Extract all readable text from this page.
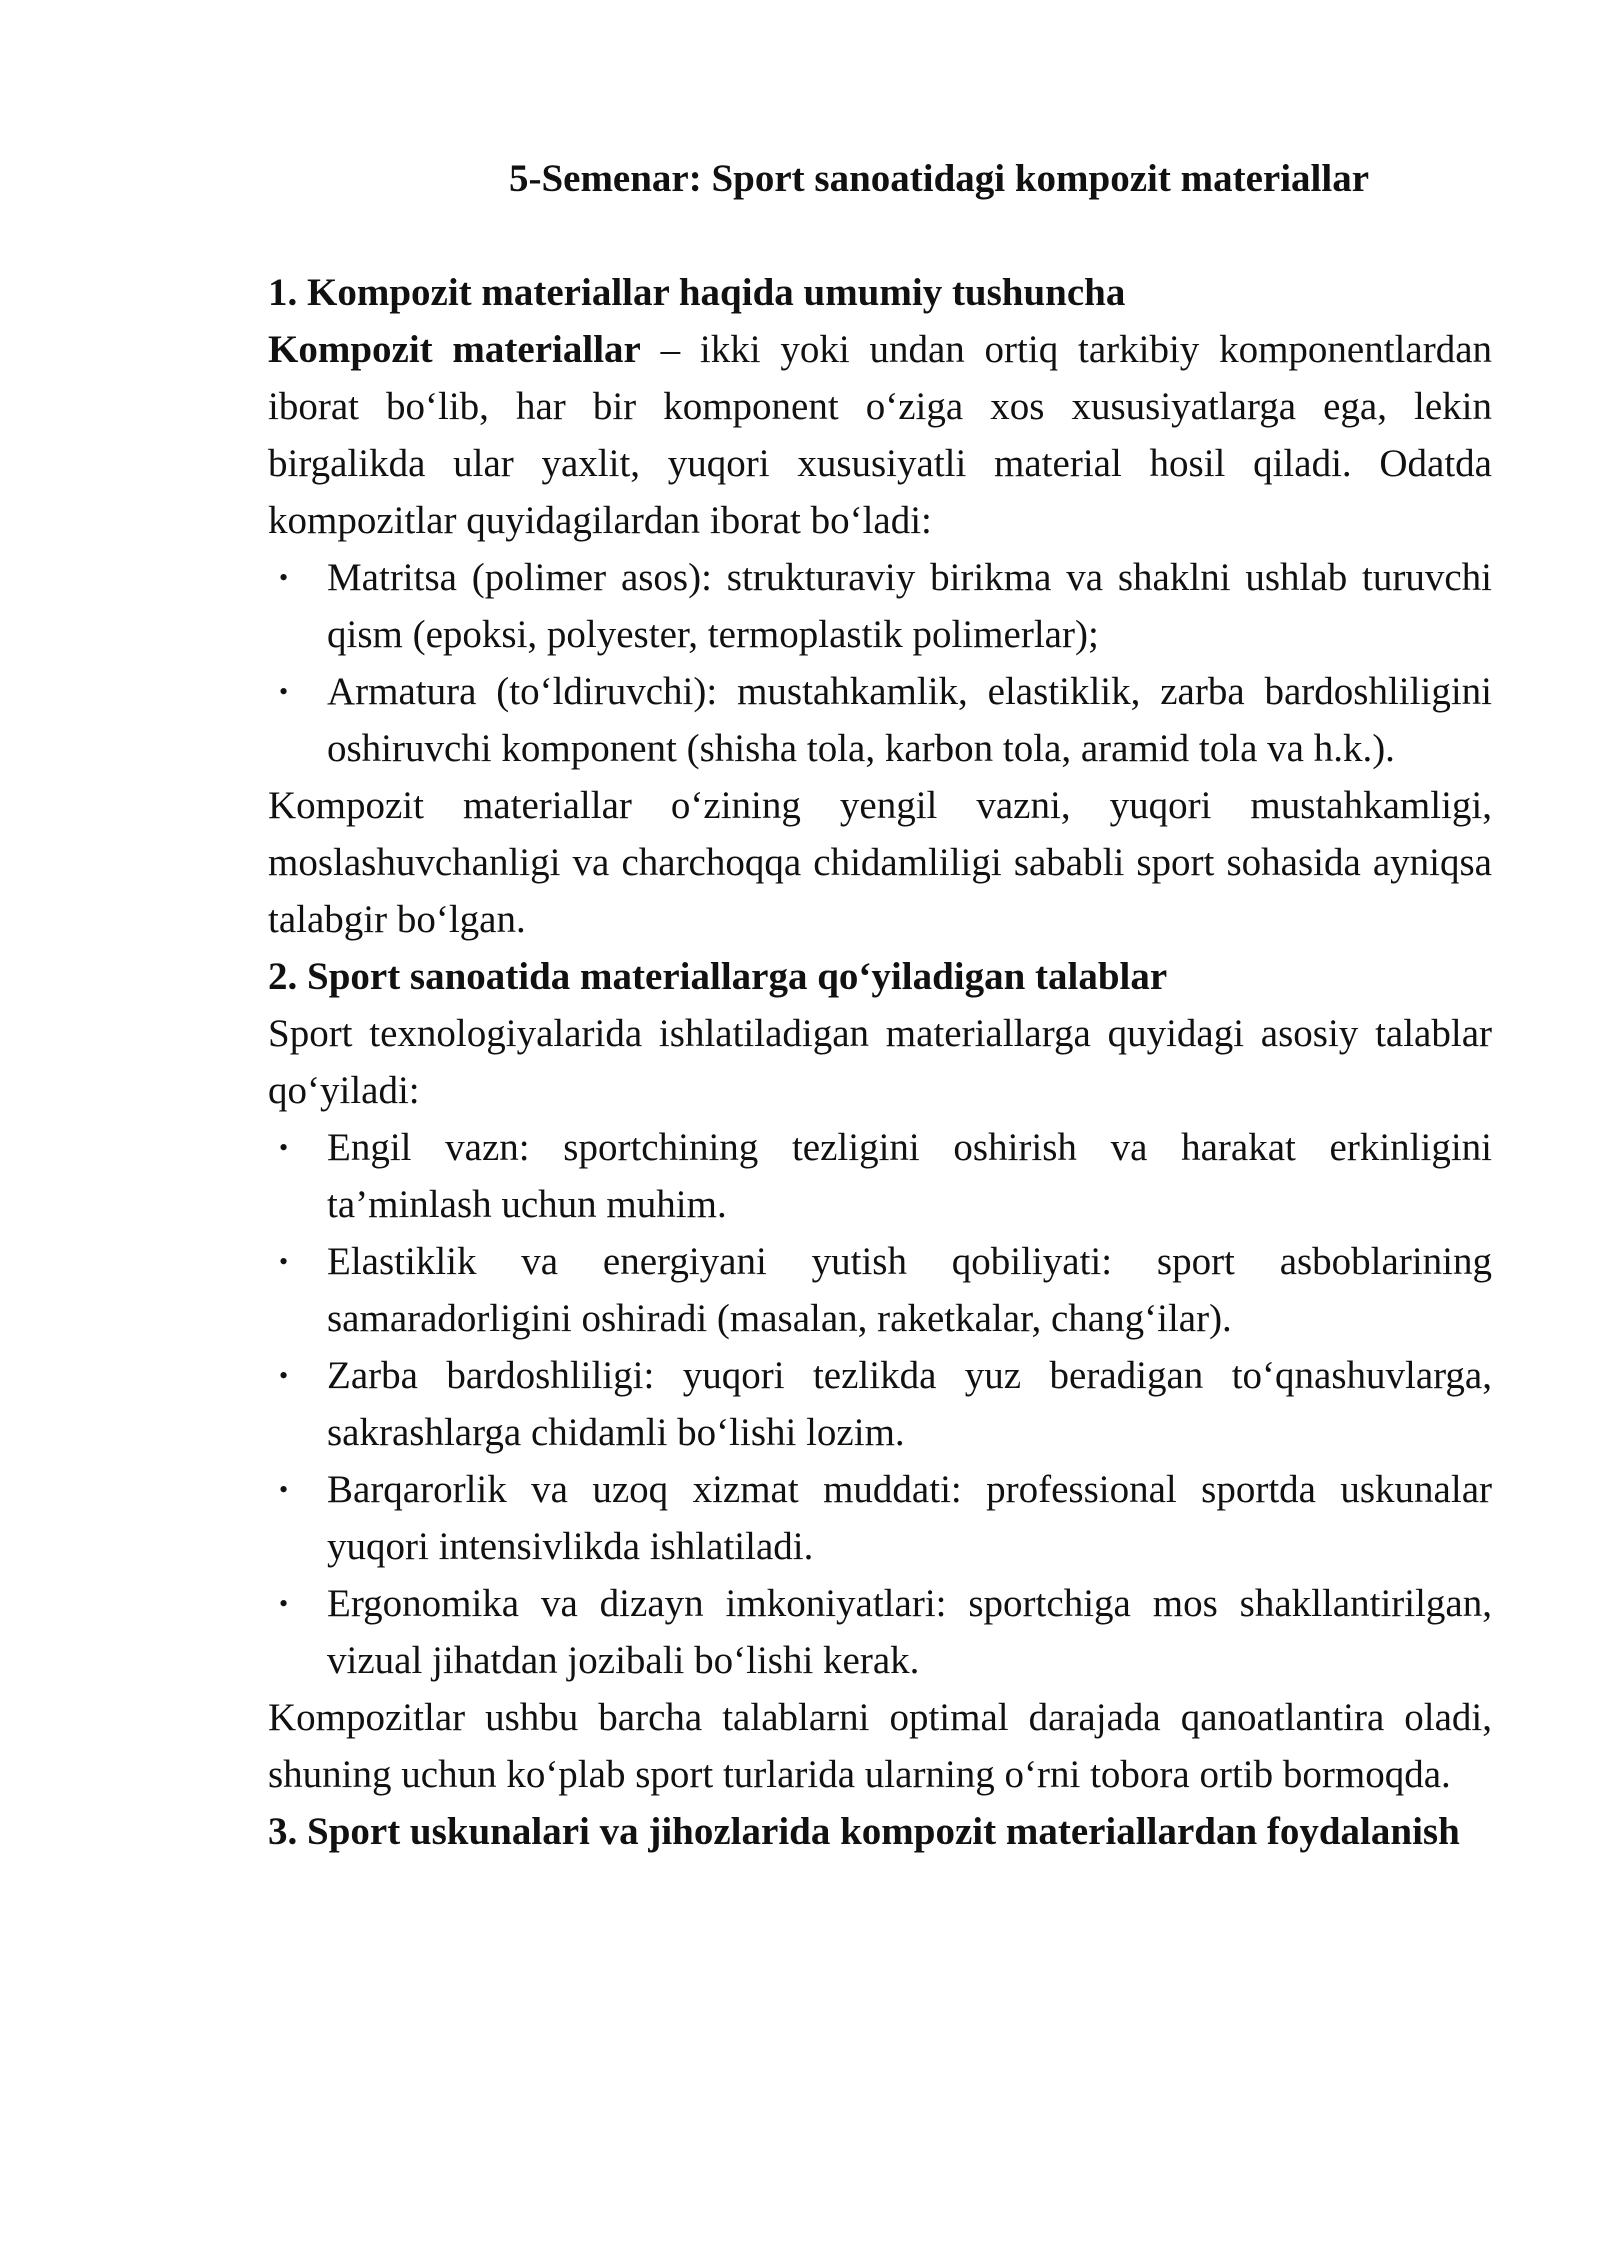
5-Semenar: Sport sanoatidagi kompozit materiallar

1. Kompozit materiallar haqida umumiy tushuncha

Kompozit materiallar – ikki yoki undan ortiq tarkibiy komponentlardan iborat bo‘lib, har bir komponent o‘ziga xos xususiyatlarga ega, lekin birgalikda ular yaxlit, yuqori xususiyatli material hosil qiladi. Odatda kompozitlar quyidagilardan iborat bo‘ladi:

• Matritsa (polimer asos): strukturaviy birikma va shaklni ushlab turuvchi qism (epoksi, polyester, termoplastik polimerlar);
• Armatura (to‘ldiruvchi): mustahkamlik, elastiklik, zarba bardoshliligini oshiruvchi komponent (shisha tola, karbon tola, aramid tola va h.k.).

Kompozit materiallar o‘zining yengil vazni, yuqori mustahkamligi, moslashuvchanligi va charchoqqa chidamliligi sababli sport sohasida ayniqsa talabgir bo‘lgan.

2. Sport sanoatida materiallarga qo‘yiladigan talablar

Sport texnologiyalarida ishlatiladigan materiallarga quyidagi asosiy talablar qo‘yiladi:

• Engil vazn: sportchining tezligini oshirish va harakat erkinligini ta’minlash uchun muhim.
• Elastiklik va energiyani yutish qobiliyati: sport asboblarining samaradorligini oshiradi (masalan, raketkalar, chang‘ilar).
• Zarba bardoshliligi: yuqori tezlikda yuz beradigan to‘qnashuvlarga, sakrashlarga chidamli bo‘lishi lozim.
• Barqarorlik va uzoq xizmat muddati: professional sportda uskunalar yuqori intensivlikda ishlatiladi.
• Ergonomika va dizayn imkoniyatlari: sportchiga mos shakllantirilgan, vizual jihatdan jozibali bo‘lishi kerak.

Kompozitlar ushbu barcha talablarni optimal darajada qanoatlantira oladi, shuning uchun ko‘plab sport turlarida ularning o‘rni tobora ortib bormoqda.

3. Sport uskunalari va jihozlarida kompozit materiallardan foydalanish
